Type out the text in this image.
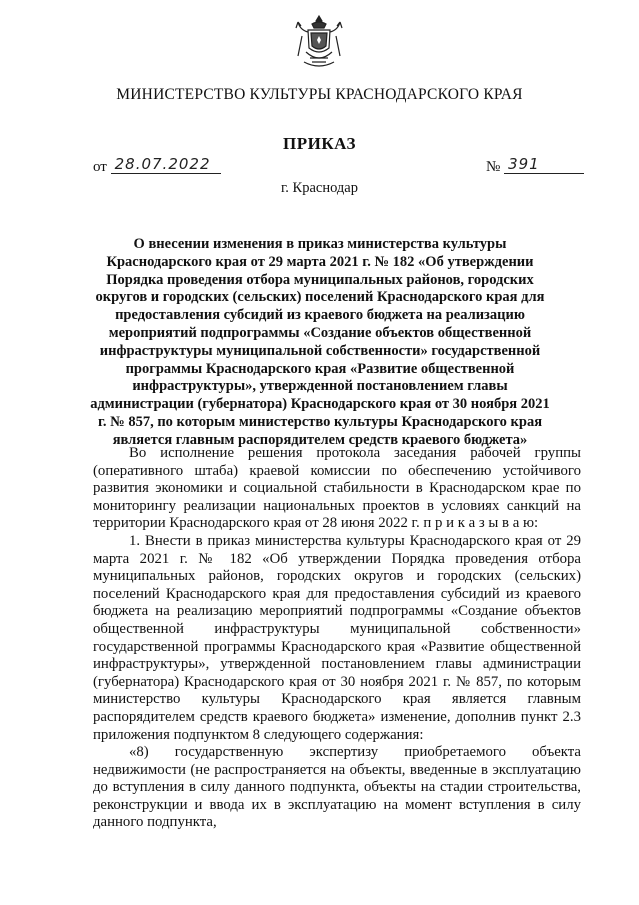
МИНИСТЕРСТВО КУЛЬТУРЫ КРАСНОДАРСКОГО КРАЯ
ПРИКАЗ
от 28.07.2022	№ 391
г. Краснодар
О внесении изменения в приказ министерства культуры Краснодарского края от 29 марта 2021 г. № 182 «Об утверждении Порядка проведения отбора муниципальных районов, городских округов и городских (сельских) поселений Краснодарского края для предоставления субсидий из краевого бюджета на реализацию мероприятий подпрограммы «Создание объектов общественной инфраструктуры муниципальной собственности» государственной программы Краснодарского края «Развитие общественной инфраструктуры», утвержденной постановлением главы администрации (губернатора) Краснодарского края от 30 ноября 2021 г. № 857, по которым министерство культуры Краснодарского края является главным распорядителем средств краевого бюджета»

Во исполнение решения протокола заседания рабочей группы (оперативного штаба) краевой комиссии по обеспечению устойчивого развития экономики и социальной стабильности в Краснодарском крае по мониторингу реализации национальных проектов в условиях санкций на территории Краснодарского края от 28 июня 2022 г. п р и к а з ы в а ю:

1. Внести в приказ министерства культуры Краснодарского края от 29 марта 2021 г. № 182 «Об утверждении Порядка проведения отбора муниципальных районов, городских округов и городских (сельских) поселений Краснодарского края для предоставления субсидий из краевого бюджета на реализацию мероприятий подпрограммы «Создание объектов общественной инфраструктуры муниципальной собственности» государственной программы Краснодарского края «Развитие общественной инфраструктуры», утвержденной постановлением главы администрации (губернатора) Краснодарского края от 30 ноября 2021 г. № 857, по которым министерство культуры Краснодарского края является главным распорядителем средств краевого бюджета» изменение, дополнив пункт 2.3 приложения подпунктом 8 следующего содержания:

«8) государственную экспертизу приобретаемого объекта недвижимости (не распространяется на объекты, введенные в эксплуатацию до вступления в силу данного подпункта, объекты на стадии строительства, реконструкции и ввода их в эксплуатацию на момент вступления в силу данного подпункта,
